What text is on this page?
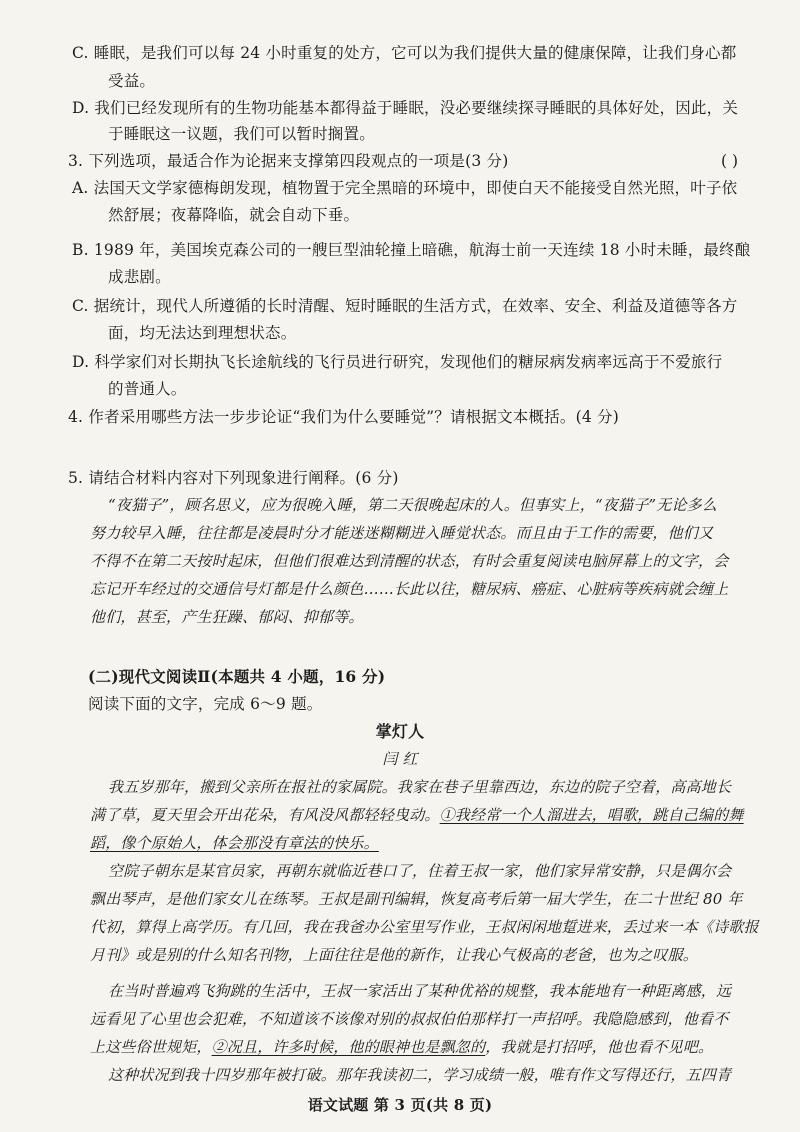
C. 睡眠，是我们可以每 24 小时重复的处方，它可以为我们提供大量的健康保障，让我们身心都
受益。
D. 我们已经发现所有的生物功能基本都得益于睡眠，没必要继续探寻睡眠的具体好处，因此，关
于睡眠这一议题，我们可以暂时搁置。
3. 下列选项，最适合作为论据来支撑第四段观点的一项是(3 分)	( )
A. 法国天文学家德梅朗发现，植物置于完全黑暗的环境中，即使白天不能接受自然光照，叶子依
然舒展；夜幕降临，就会自动下垂。
B. 1989 年，美国埃克森公司的一艘巨型油轮撞上暗礁，航海士前一天连续 18 小时未睡，最终酿
成悲剧。
C. 据统计，现代人所遵循的长时清醒、短时睡眠的生活方式，在效率、安全、利益及道德等各方
面，均无法达到理想状态。
D. 科学家们对长期执飞长途航线的飞行员进行研究，发现他们的糖尿病发病率远高于不爱旅行
的普通人。
4. 作者采用哪些方法一步步论证“我们为什么要睡觉”？请根据文本概括。(4 分)
5. 请结合材料内容对下列现象进行阐释。(6 分)
“夜猫子”，顾名思义，应为很晚入睡，第二天很晚起床的人。但事实上，“夜猫子”无论多么
努力较早入睡，往往都是凌晨时分才能迷迷糊糊进入睡觉状态。而且由于工作的需要，他们又
不得不在第二天按时起床，但他们很难达到清醒的状态，有时会重复阅读电脑屏幕上的文字，会
忘记开车经过的交通信号灯都是什么颜色……长此以往，糖尿病、癌症、心脏病等疾病就会缠上
他们，甚至，产生狂躁、郁闷、抑郁等。
(二)现代文阅读Ⅱ(本题共 4 小题，16 分)
阅读下面的文字，完成 6～9 题。
掌灯人
闫 红
我五岁那年，搬到父亲所在报社的家属院。我家在巷子里靠西边，东边的院子空着，高高地长
满了草，夏天里会开出花朵，有风没风都轻轻曳动。①我经常一个人溜进去，唱歌，跳自己编的舞
蹈，像个原始人，体会那没有章法的快乐。
空院子朝东是某官员家，再朝东就临近巷口了，住着王叔一家，他们家异常安静，只是偶尔会
飘出琴声，是他们家女儿在练琴。王叔是副刊编辑，恢复高考后第一届大学生，在二十世纪 80 年
代初，算得上高学历。有几回，我在我爸办公室里写作业，王叔闲闲地踅进来，丢过来一本《诗歌报
月刊》或是别的什么知名刊物，上面往往是他的新作，让我心气极高的老爸，也为之叹服。
在当时普遍鸡飞狗跳的生活中，王叔一家活出了某种优裕的规整，我本能地有一种距离感，远
远看见了心里也会犯难，不知道该不该像对别的叔叔伯伯那样打一声招呼。我隐隐感到，他看不
上这些俗世规矩，②况且，许多时候，他的眼神也是飘忽的，我就是打招呼，他也看不见吧。
这种状况到我十四岁那年被打破。那年我读初二，学习成绩一般，唯有作文写得还行，五四青
语文试题 第 3 页(共 8 页)
